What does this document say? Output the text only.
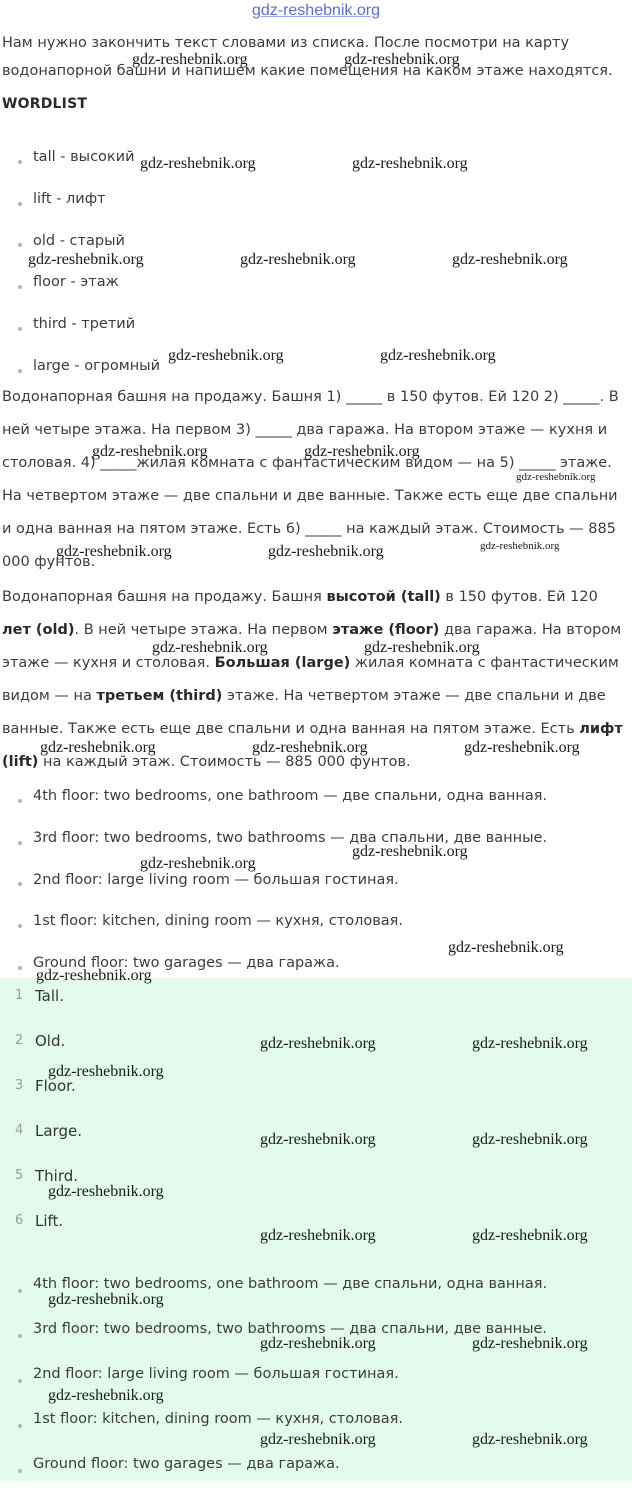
gdz-reshebnik.org

Нам нужно закончить текст словами из списка. После посмотри на карту водонапорной башни и напишем какие помещения на каком этаже находятся.

WORDLIST
tall - высокий
lift - лифт
old - старый
floor - этаж
third - третий
large - огромный

Водонапорная башня на продажу. Башня 1) _____ в 150 футов. Ей 120 2) _____. В ней четыре этажа. На первом 3) _____ два гаража. На втором этаже — кухня и столовая. 4) _____жилая комната с фантастическим видом — на 5) _____ этаже. На четвертом этаже — две спальни и две ванные. Также есть еще две спальни и одна ванная на пятом этаже. Есть 6) _____ на каждый этаж. Стоимость — 885 000 фунтов.

Водонапорная башня на продажу. Башня высотой (tall) в 150 футов. Ей 120 лет (old). В ней четыре этажа. На первом этаже (floor) два гаража. На втором этаже — кухня и столовая. Большая (large) жилая комната с фантастическим видом — на третьем (third) этаже. На четвертом этаже — две спальни и две ванные. Также есть еще две спальни и одна ванная на пятом этаже. Есть лифт (lift) на каждый этаж. Стоимость — 885 000 фунтов.

4th floor: two bedrooms, one bathroom — две спальни, одна ванная.
3rd floor: two bedrooms, two bathrooms — два спальни, две ванные.
2nd floor: large living room — большая гостиная.
1st floor: kitchen, dining room — кухня, столовая.
Ground floor: two garages — два гаража.
1 Tall.
2 Old.
3 Floor.
4 Large.
5 Third.
6 Lift.
4th floor: two bedrooms, one bathroom — две спальни, одна ванная.
3rd floor: two bedrooms, two bathrooms — два спальни, две ванные.
2nd floor: large living room — большая гостиная.
1st floor: kitchen, dining room — кухня, столовая.
Ground floor: two garages — два гаража.
gdz-reshebnik.org	gdz-reshebnik.org
gdz-reshebnik.org	gdz-reshebnik.org
gdz-reshebnik.org	gdz-reshebnik.org	gdz-reshebnik.org
gdz-reshebnik.org	gdz-reshebnik.org
gdz-reshebnik.org	gdz-reshebnik.org
gdz-reshebnik.org
gdz-reshebnik.org	gdz-reshebnik.org	gdz-reshebnik.org
gdz-reshebnik.org	gdz-reshebnik.org
gdz-reshebnik.org	gdz-reshebnik.org	gdz-reshebnik.org
gdz-reshebnik.org
gdz-reshebnik.org
gdz-reshebnik.org
gdz-reshebnik.org
gdz-reshebnik.org	gdz-reshebnik.org
gdz-reshebnik.org
gdz-reshebnik.org	gdz-reshebnik.org
gdz-reshebnik.org
gdz-reshebnik.org	gdz-reshebnik.org
gdz-reshebnik.org
gdz-reshebnik.org	gdz-reshebnik.org
gdz-reshebnik.org
gdz-reshebnik.org	gdz-reshebnik.org
